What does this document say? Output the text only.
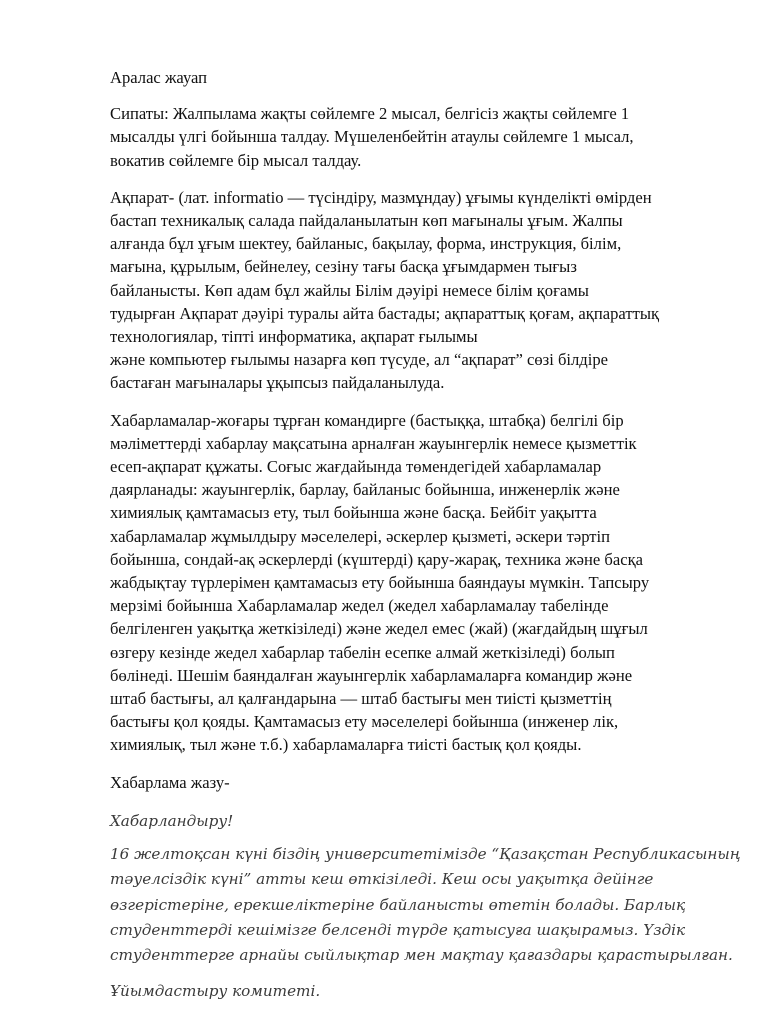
Аралас жауап

Сипаты: Жалпылама жақты сөйлемге 2 мысал, белгісіз жақты сөйлемге 1
мысалды үлгі бойынша талдау. Мүшеленбейтін атаулы сөйлемге 1 мысал,
вокатив сөйлемге бір мысал талдау.

Ақпарат- (лат. informatio — түсіндіру, мазмұндау) ұғымы күнделікті өмірден
бастап техникалық салада пайдаланылатын көп мағыналы ұғым. Жалпы
алғанда бұл ұғым шектеу, байланыс, бақылау, форма, инструкция, білім,
мағына, құрылым, бейнелеу, сезіну тағы басқа ұғымдармен тығыз
байланысты. Көп адам бұл жайлы Білім дәуірі немесе білім қоғамы
тудырған Ақпарат дәуірі туралы айта бастады; ақпараттық қоғам, ақпараттық
технологиялар, тіпті информатика, ақпарат ғылымы
және компьютер ғылымы назарға көп түсуде, ал “ақпарат” сөзі білдіре
бастаған мағыналары ұқыпсыз пайдаланылуда.

Хабарламалар-жоғары тұрған командирге (бастыққа, штабқа) белгілі бір
мәліметтерді хабарлау мақсатына арналған жауынгерлік немесе қызметтік
есеп-ақпарат құжаты. Соғыс жағдайында төмендегідей хабарламалар
даярланады: жауынгерлік, барлау, байланыс бойынша, инженерлік және
химиялық қамтамасыз ету, тыл бойынша және басқа. Бейбіт уақытта
хабарламалар жұмылдыру мәселелері, әскерлер қызметі, әскери тәртіп
бойынша, сондай-ақ әскерлерді (күштерді) қару-жарақ, техника және басқа
жабдықтау түрлерімен қамтамасыз ету бойынша баяндауы мүмкін. Тапсыру
мерзімі бойынша Хабарламалар жедел (жедел хабарламалау табелінде
белгіленген уақытқа жеткізіледі) және жедел емес (жай) (жағдайдың шұғыл
өзгеру кезінде жедел хабарлар табелін есепке алмай жеткізіледі) болып
бөлінеді. Шешім баяндалған жауынгерлік хабарламаларға командир және
штаб бастығы, ал қалғандарына — штаб бастығы мен тиісті қызметтің
бастығы қол қояды. Қамтамасыз ету мәселелері бойынша (инженер лік,
химиялық, тыл және т.б.) хабарламаларға тиісті бастық қол қояды.

Хабарлама жазу-

Хабарландыру!

16 желтоқсан күні біздің университетімізде “Қазақстан Республикасының
тәуелсіздік күні” атты кеш өткізіледі. Кеш осы уақытқа дейінге
өзгерістеріне, ерекшеліктеріне байланысты өтетін болады. Барлық
студенттерді кешімізге белсенді түрде қатысуға шақырамыз. Үздік
студенттерге арнайы сыйлықтар мен мақтау қағаздары қарастырылған.

Ұйымдастыру комитеті.
